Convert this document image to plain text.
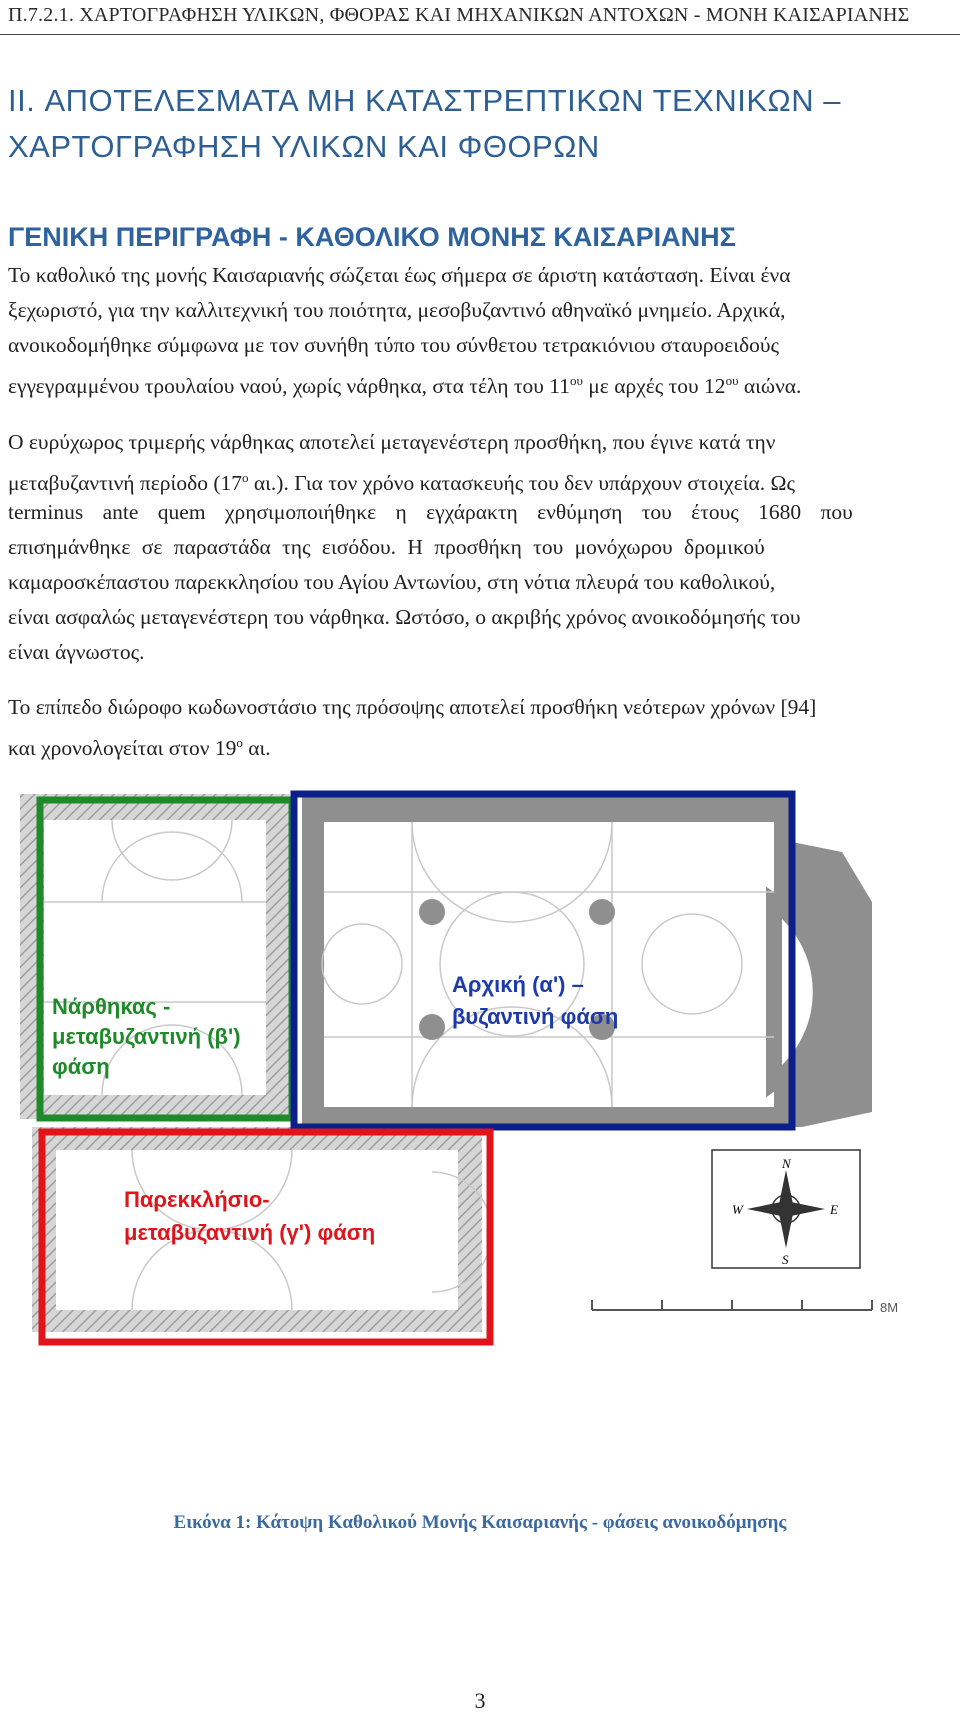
Π.7.2.1. ΧΑΡΤΟΓΡΑΦΗΣΗ ΥΛΙΚΩΝ, ΦΘΟΡΑΣ ΚΑΙ ΜΗΧΑΝΙΚΩΝ ΑΝΤΟΧΩΝ - ΜΟΝΗ ΚΑΙΣΑΡΙΑΝΗΣ
II. ΑΠΟΤΕΛΕΣΜΑΤΑ ΜΗ ΚΑΤΑΣΤΡΕΠΤΙΚΩΝ ΤΕΧΝΙΚΩΝ –
ΧΑΡΤΟΓΡΑΦΗΣΗ ΥΛΙΚΩΝ ΚΑΙ ΦΘΟΡΩΝ
ΓΕΝΙΚΗ ΠΕΡΙΓΡΑΦΗ - ΚΑΘΟΛΙΚΟ ΜΟΝΗΣ ΚΑΙΣΑΡΙΑΝΗΣ
Το καθολικό της μονής Καισαριανής σώζεται έως σήμερα σε άριστη κατάσταση. Είναι ένα
ξεχωριστό, για την καλλιτεχνική του ποιότητα, μεσοβυζαντινό αθηναϊκό μνημείο. Αρχικά,
ανοικοδομήθηκε σύμφωνα με τον συνήθη τύπο του σύνθετου τετρακιόνιου σταυροειδούς
εγγεγραμμένου τρουλαίου ναού, χωρίς νάρθηκα, στα τέλη του $11^{o\upsilon}$ με αρχές του $12^{o\upsilon}$ αιώνα.
Ο ευρύχωρος τριμερής νάρθηκας αποτελεί μεταγενέστερη προσθήκη, που έγινε κατά την
μεταβυζαντινή περίοδο ($17^o$ αι.). Για τον χρόνο κατασκευής του δεν υπάρχουν στοιχεία. Ως
terminus ante quem χρησιμοποιήθηκε η εγχάρακτη ενθύμηση του έτους 1680 που
επισημάνθηκε σε παραστάδα της εισόδου. Η προσθήκη του μονόχωρου δρομικού
καμαροσκέπαστου παρεκκλησίου του Αγίου Αντωνίου, στη νότια πλευρά του καθολικού,
είναι ασφαλώς μεταγενέστερη του νάρθηκα. Ωστόσο, ο ακριβής χρόνος ανοικοδόμησής του
είναι άγνωστος.
Το επίπεδο διώροφο κωδωνοστάσιο της πρόσοψης αποτελεί προσθήκη νεότερων χρόνων [94]
και χρονολογείται στον $19^o$ αι.
Νάρθηκας -
μεταβυζαντινή (β')
φάση
Αρχική (α') –
βυζαντινή φάση
Παρεκκλήσιο-
μεταβυζαντινή (γ') φάση
N
E
S
W
8M
Εικόνα 1: Κάτοψη Καθολικού Μονής Καισαριανής - φάσεις ανοικοδόμησης
3
